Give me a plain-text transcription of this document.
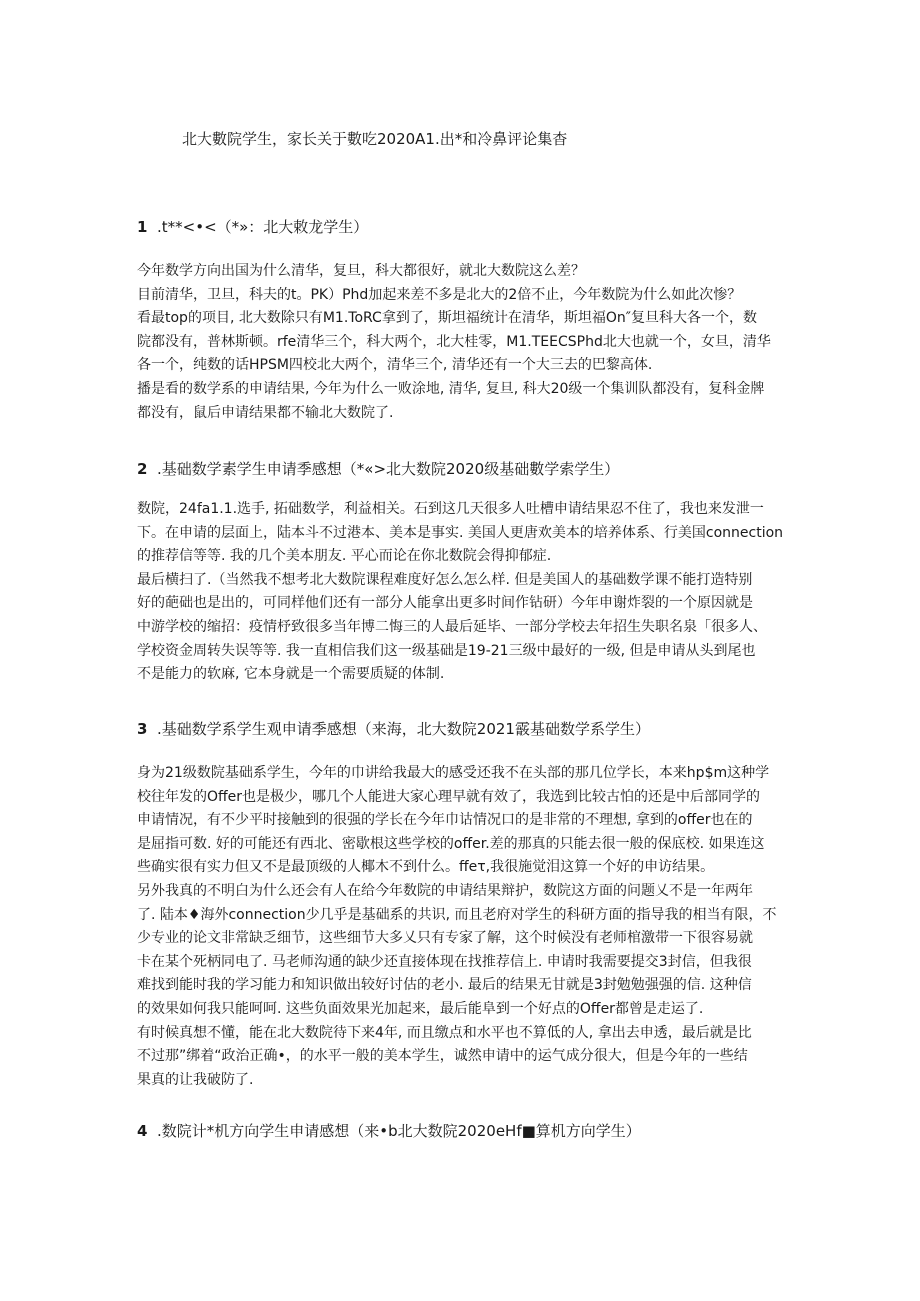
北大數院学生，家长关于數吃2020A1.出*和冷鼻评论集杳
1 .t**<•<（*»：北大敕龙学生）
今年数学方向出国为什么清华，复旦，科大都很好，就北大数院这么差？
目前清华，卫旦，科夫的t。PK）Phd加起来差不多是北大的2倍不止，今年数院为什么如此次惨？
看最top的项目, 北大数除只有M1.ToRC拿到了，斯坦福统计在清华，斯坦福On″复旦科大各一个，数
院都没有，普林斯顿。rfe清华三个，科大两个，北大桂零，M1.TEECSPhd北大也就一个，女旦，清华
各一个，纯数的话HPSM四校北大两个，清华三个, 清华还有一个大三去的巴黎高体.
播是看的数学系的申请结果, 今年为什么一败涂地, 清华, 复旦, 科大20级一个集训队都没有，复科金牌
都没有，鼠后申请结果都不输北大数院了.
2 .基础数学素学生申请季感想（*«>北大数院2020级基础數学索学生）
数院，24fa1.1.选手, 拓础数学，利益相关。石到这几天很多人吐槽申请结果忍不住了，我也来发泄一
下。在申请的层面上，陆本斗不过港本、美本是事实. 美国人更唐欢美本的培养体系、行美国connection
的推荐信等等. 我的几个美本朋友. 平心而论在你北数院会得抑郁症.
最后横扫了.（当然我不想考北大数院课程难度好怎么怎么样. 但是美国人的基础数学课不能打造特别
好的葩础也是出的，可同样他们还有一部分人能拿出更多时间作钻研）今年申谢炸裂的一个原因就是
中游学校的缩招：疫情杼致很多当年博二悔三的人最后延毕、一部分学校去年招生失职名泉「很多人、
学校资金周转失误等等. 我一直相信我们这一级基础是19-21三级中最好的一级, 但是申请从头到尾也
不是能力的软麻, 它本身就是一个需要质疑的体制.
3 .基础数学系学生观申请季感想（来海，北大数院2021霰基础数学系学生）
身为21级数院基础系学生，今年的巾讲给我最大的感受还我不在头部的那几位学长，本来hp$m这种学
校往年发的Offer也是极少，哪几个人能进大家心理早就有效了，我选到比较古怕的还是中后部同学的
申请情况，有不少平时接触到的很强的学长在今年巾诂情况口的是非常的不理想, 拿到的offer也在的
是屈指可数. 好的可能还有西北、密歇根这些学校的offer.差的那真的只能去很一般的保底校. 如果连这
些确实很有实力但又不是最顶级的人椰木不到什么。ffeτ,我很施觉泪这算一个好的申访结果。
另外我真的不明白为什么还会有人在给今年数院的申请结果辩护，数院这方面的问题乂不是一年两年
了. 陆本♦海外connection少几乎是基础系的共识, 而且老府对学生的科研方面的指导我的相当有限，不
少专业的论文非常缺乏细节，这些细节大多乂只有专家了解，这个时候没有老师棺激带一下很容易就
卡在某个死柄同电了. 马老师沟通的缺少还直接体现在找推荐信上. 申请时我需要提交3封信，但我很
难找到能时我的学习能力和知识做出较好讨估的老小. 最后的结果无甘就是3封勉勉强强的信. 这种信
的效果如何我只能呵呵. 这些负面效果光加起来，最后能阜到一个好点的Offer都曾是走运了.
有时候真想不懂，能在北大数院待下来4年, 而且缴点和水平也不算低的人, 拿出去申透，最后就是比
不过那”绑着“政治正确•，的水平一般的美本学生，诚然申请中的运气成分很大，但是今年的一些结
果真的让我破防了.
4 .数院计*机方向学生申请感想（来•b北大数院2020eHf■算机方向学生）
